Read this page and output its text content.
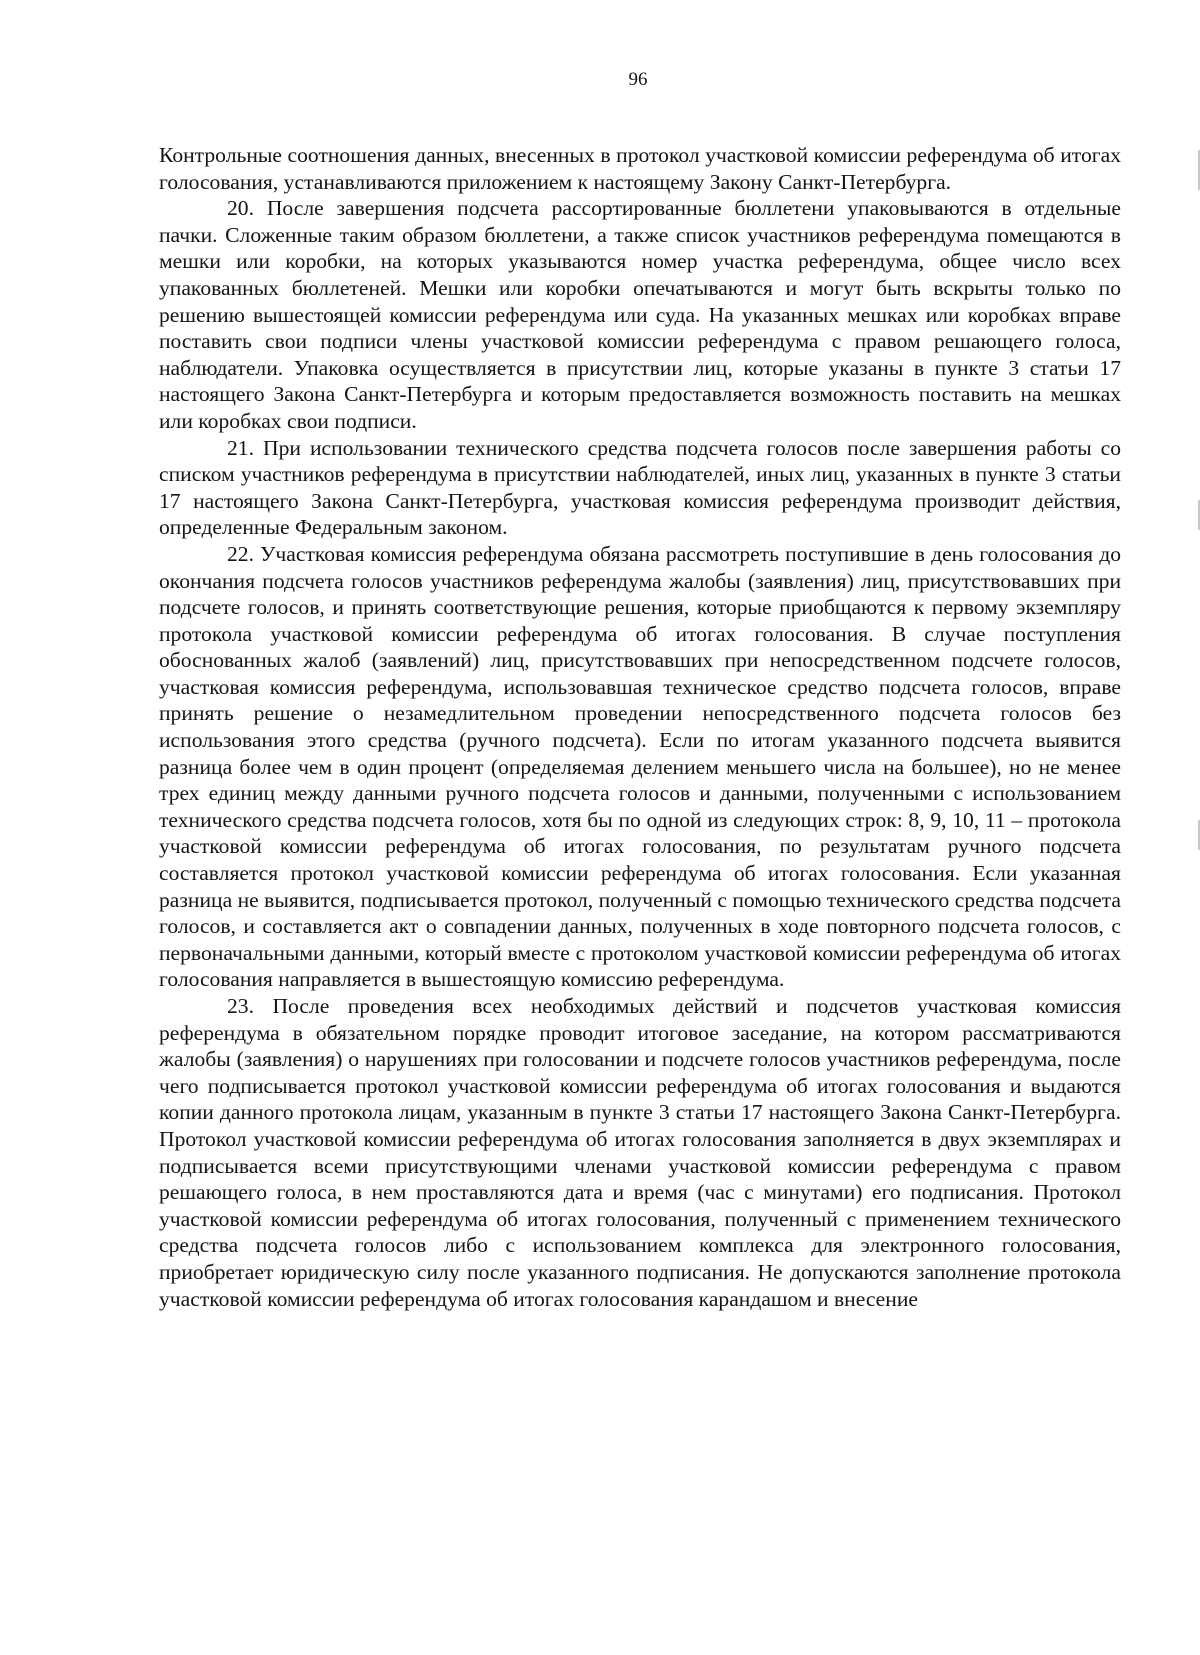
96

Контрольные соотношения данных, внесенных в протокол участковой комиссии референдума об итогах голосования, устанавливаются приложением к настоящему Закону Санкт-Петербурга.

20. После завершения подсчета рассортированные бюллетени упаковываются в отдельные пачки. Сложенные таким образом бюллетени, а также список участников референдума помещаются в мешки или коробки, на которых указываются номер участка референдума, общее число всех упакованных бюллетеней. Мешки или коробки опечатываются и могут быть вскрыты только по решению вышестоящей комиссии референдума или суда. На указанных мешках или коробках вправе поставить свои подписи члены участковой комиссии референдума с правом решающего голоса, наблюдатели. Упаковка осуществляется в присутствии лиц, которые указаны в пункте 3 статьи 17 настоящего Закона Санкт-Петербурга и которым предоставляется возможность поставить на мешках или коробках свои подписи.

21. При использовании технического средства подсчета голосов после завершения работы со списком участников референдума в присутствии наблюдателей, иных лиц, указанных в пункте 3 статьи 17 настоящего Закона Санкт-Петербурга, участковая комиссия референдума производит действия, определенные Федеральным законом.

22. Участковая комиссия референдума обязана рассмотреть поступившие в день голосования до окончания подсчета голосов участников референдума жалобы (заявления) лиц, присутствовавших при подсчете голосов, и принять соответствующие решения, которые приобщаются к первому экземпляру протокола участковой комиссии референдума об итогах голосования. В случае поступления обоснованных жалоб (заявлений) лиц, присутствовавших при непосредственном подсчете голосов, участковая комиссия референдума, использовавшая техническое средство подсчета голосов, вправе принять решение о незамедлительном проведении непосредственного подсчета голосов без использования этого средства (ручного подсчета). Если по итогам указанного подсчета выявится разница более чем в один процент (определяемая делением меньшего числа на большее), но не менее трех единиц между данными ручного подсчета голосов и данными, полученными с использованием технического средства подсчета голосов, хотя бы по одной из следующих строк: 8, 9, 10, 11 – протокола участковой комиссии референдума об итогах голосования, по результатам ручного подсчета составляется протокол участковой комиссии референдума об итогах голосования. Если указанная разница не выявится, подписывается протокол, полученный с помощью технического средства подсчета голосов, и составляется акт о совпадении данных, полученных в ходе повторного подсчета голосов, с первоначальными данными, который вместе с протоколом участковой комиссии референдума об итогах голосования направляется в вышестоящую комиссию референдума.

23. После проведения всех необходимых действий и подсчетов участковая комиссия референдума в обязательном порядке проводит итоговое заседание, на котором рассматриваются жалобы (заявления) о нарушениях при голосовании и подсчете голосов участников референдума, после чего подписывается протокол участковой комиссии референдума об итогах голосования и выдаются копии данного протокола лицам, указанным в пункте 3 статьи 17 настоящего Закона Санкт-Петербурга. Протокол участковой комиссии референдума об итогах голосования заполняется в двух экземплярах и подписывается всеми присутствующими членами участковой комиссии референдума с правом решающего голоса, в нем проставляются дата и время (час с минутами) его подписания. Протокол участковой комиссии референдума об итогах голосования, полученный с применением технического средства подсчета голосов либо с использованием комплекса для электронного голосования, приобретает юридическую силу после указанного подписания. Не допускаются заполнение протокола участковой комиссии референдума об итогах голосования карандашом и внесение
